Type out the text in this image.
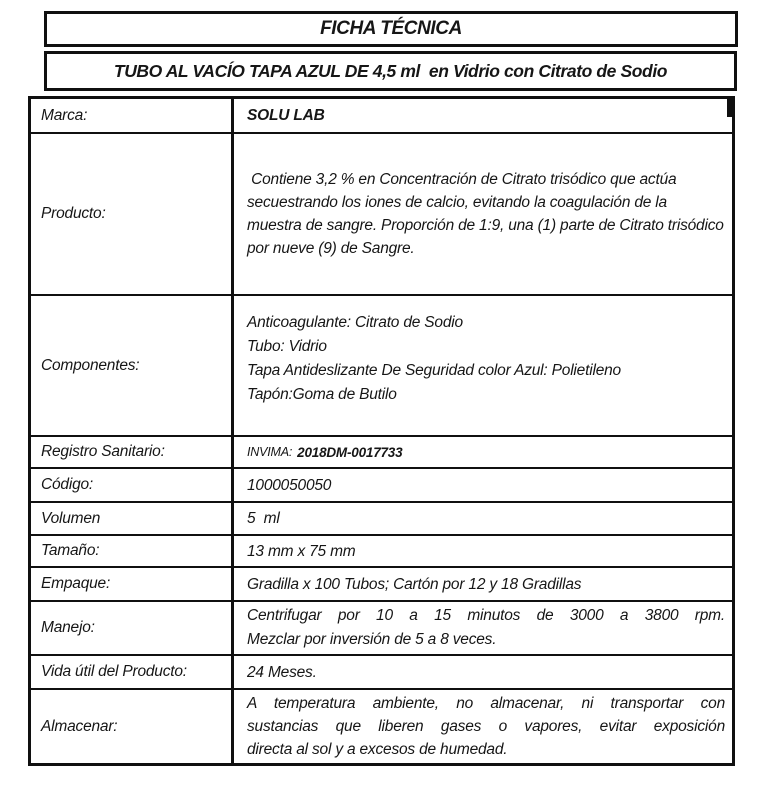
FICHA TÉCNICA
TUBO AL VACÍO TAPA AZUL DE 4,5 ml  en Vidrio con Citrato de Sodio
Marca:	SOLU LAB
Producto:
Contiene 3,2 % en Concentración de Citrato trisódico que actúa secuestrando los iones de calcio, evitando la coagulación de la muestra de sangre. Proporción de 1:9, una (1) parte de Citrato trisódico por nueve (9) de Sangre.
Componentes:
Anticoagulante: Citrato de Sodio
Tubo: Vidrio
Tapa Antideslizante De Seguridad color Azul: Polietileno
Tapón:Goma de Butilo
Registro Sanitario:	INVIMA: 2018DM-0017733
Código:	1000050050
Volumen	5  ml
Tamaño:	13 mm x 75 mm
Empaque:	Gradilla x 100 Tubos; Cartón por 12 y 18 Gradillas
Manejo:
Centrifugar por 10 a 15 minutos de 3000 a 3800 rpm.
Mezclar por inversión de 5 a 8 veces.
Vida útil del Producto:	24 Meses.
Almacenar:
A temperatura ambiente, no almacenar, ni transportar con
sustancias que liberen gases o vapores, evitar exposición
directa al sol y a excesos de humedad.
